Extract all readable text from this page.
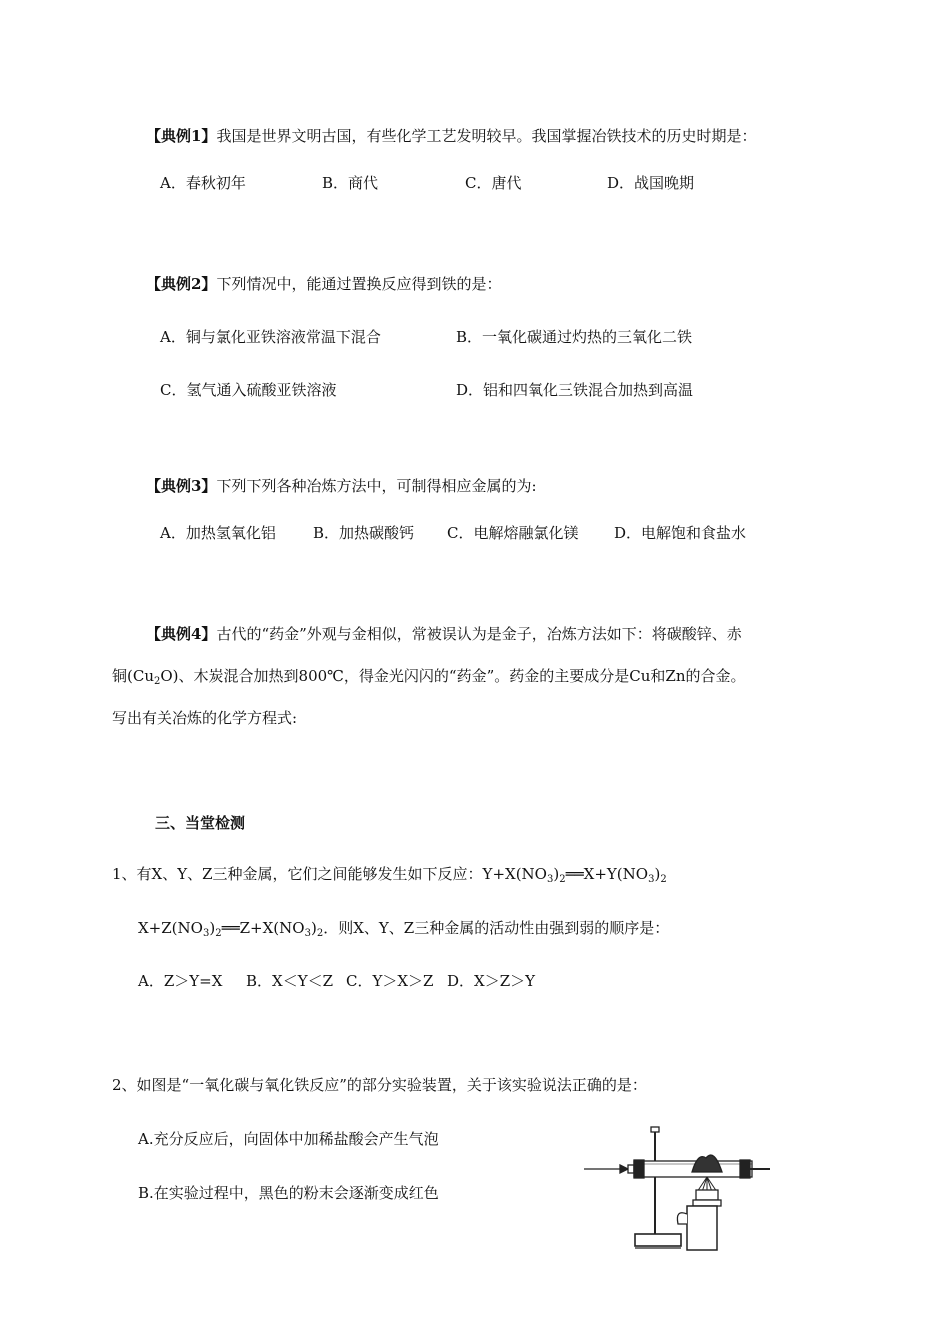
【典例1】我国是世界文明古国，有些化学工艺发明较早。我国掌握冶铁技术的历史时期是：
A．春秋初年	B．商代	C．唐代	D．战国晚期
【典例2】下列情况中，能通过置换反应得到铁的是：
A．铜与氯化亚铁溶液常温下混合	B．一氧化碳通过灼热的三氧化二铁
C．氢气通入硫酸亚铁溶液	D．铝和四氧化三铁混合加热到高温
【典例3】下列下列各种冶炼方法中，可制得相应金属的为:
A．加热氢氧化铝 B．加热碳酸钙 C．电解熔融氯化镁 D．电解饱和食盐水
【典例4】古代的“药金”外观与金相似，常被误认为是金子，冶炼方法如下：将碳酸锌、赤
铜$(Cu_2O)$、木炭混合加热到800℃，得金光闪闪的“药金”。药金的主要成分是Cu和Zn的合金。
写出有关冶炼的化学方程式:
三、当堂检测
1、有X、Y、Z三种金属，它们之间能够发生如下反应：$Y+X(NO_3)_2══X+Y(NO_3)_2$
$X+Z(NO_3)_2══Z+X(NO_3)_2$．则X、Y、Z三种金属的活动性由强到弱的顺序是：
A．Z＞Y=X B．X＜Y＜Z C．Y＞X＞Z D．X＞Z＞Y
2、如图是“一氧化碳与氧化铁反应”的部分实验装置，关于该实验说法正确的是：
A.充分反应后，向固体中加稀盐酸会产生气泡
B.在实验过程中，黑色的粉末会逐渐变成红色
